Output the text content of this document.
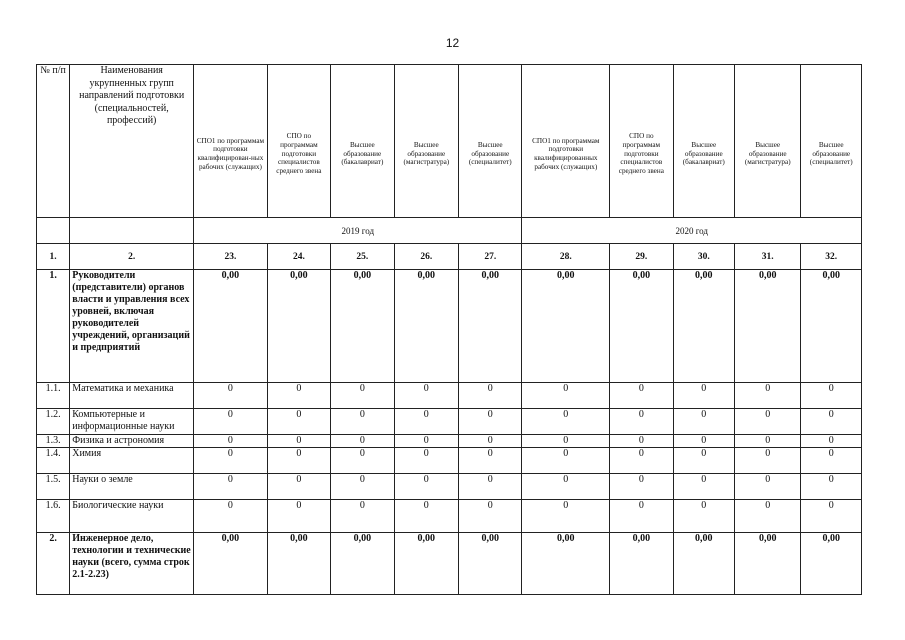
12
№ п/п	Наименования укрупненных групп направлений подготовки (специальностей, профессий)										
		СПО1 по программам подготовки квалифицирован-ных рабочих (служащих)	СПО по программам подготовки специалистов среднего звена	Высшее образование (бакалавриат)	Высшее образование (магистратура)	Высшее образование (специалитет)	СПО1 по программам подготовки квалифицированных рабочих (служащих)	СПО по программам подготовки специалистов среднего звена	Высшее образование (бакалавриат)	Высшее образование (магистратура)	Высшее образование (специалитет)
		2019 год					2020 год				
1.	2.	23.	24.	25.	26.	27.	28.	29.	30.	31.	32.
1.	Руководители (представители) органов власти и управления всех уровней, включая руководителей учреждений, организаций и предприятий	0,00	0,00	0,00	0,00	0,00	0,00	0,00	0,00	0,00	0,00
1.1.	Математика и механика	0	0	0	0	0	0	0	0	0	0
1.2.	Компьютерные и информационные науки	0	0	0	0	0	0	0	0	0	0
1.3.	Физика и астрономия	0	0	0	0	0	0	0	0	0	0
1.4.	Химия	0	0	0	0	0	0	0	0	0	0
1.5.	Науки о земле	0	0	0	0	0	0	0	0	0	0
1.6.	Биологические науки	0	0	0	0	0	0	0	0	0	0
2.	Инженерное дело, технологии и технические науки (всего, сумма строк 2.1-2.23)	0,00	0,00	0,00	0,00	0,00	0,00	0,00	0,00	0,00	0,00
